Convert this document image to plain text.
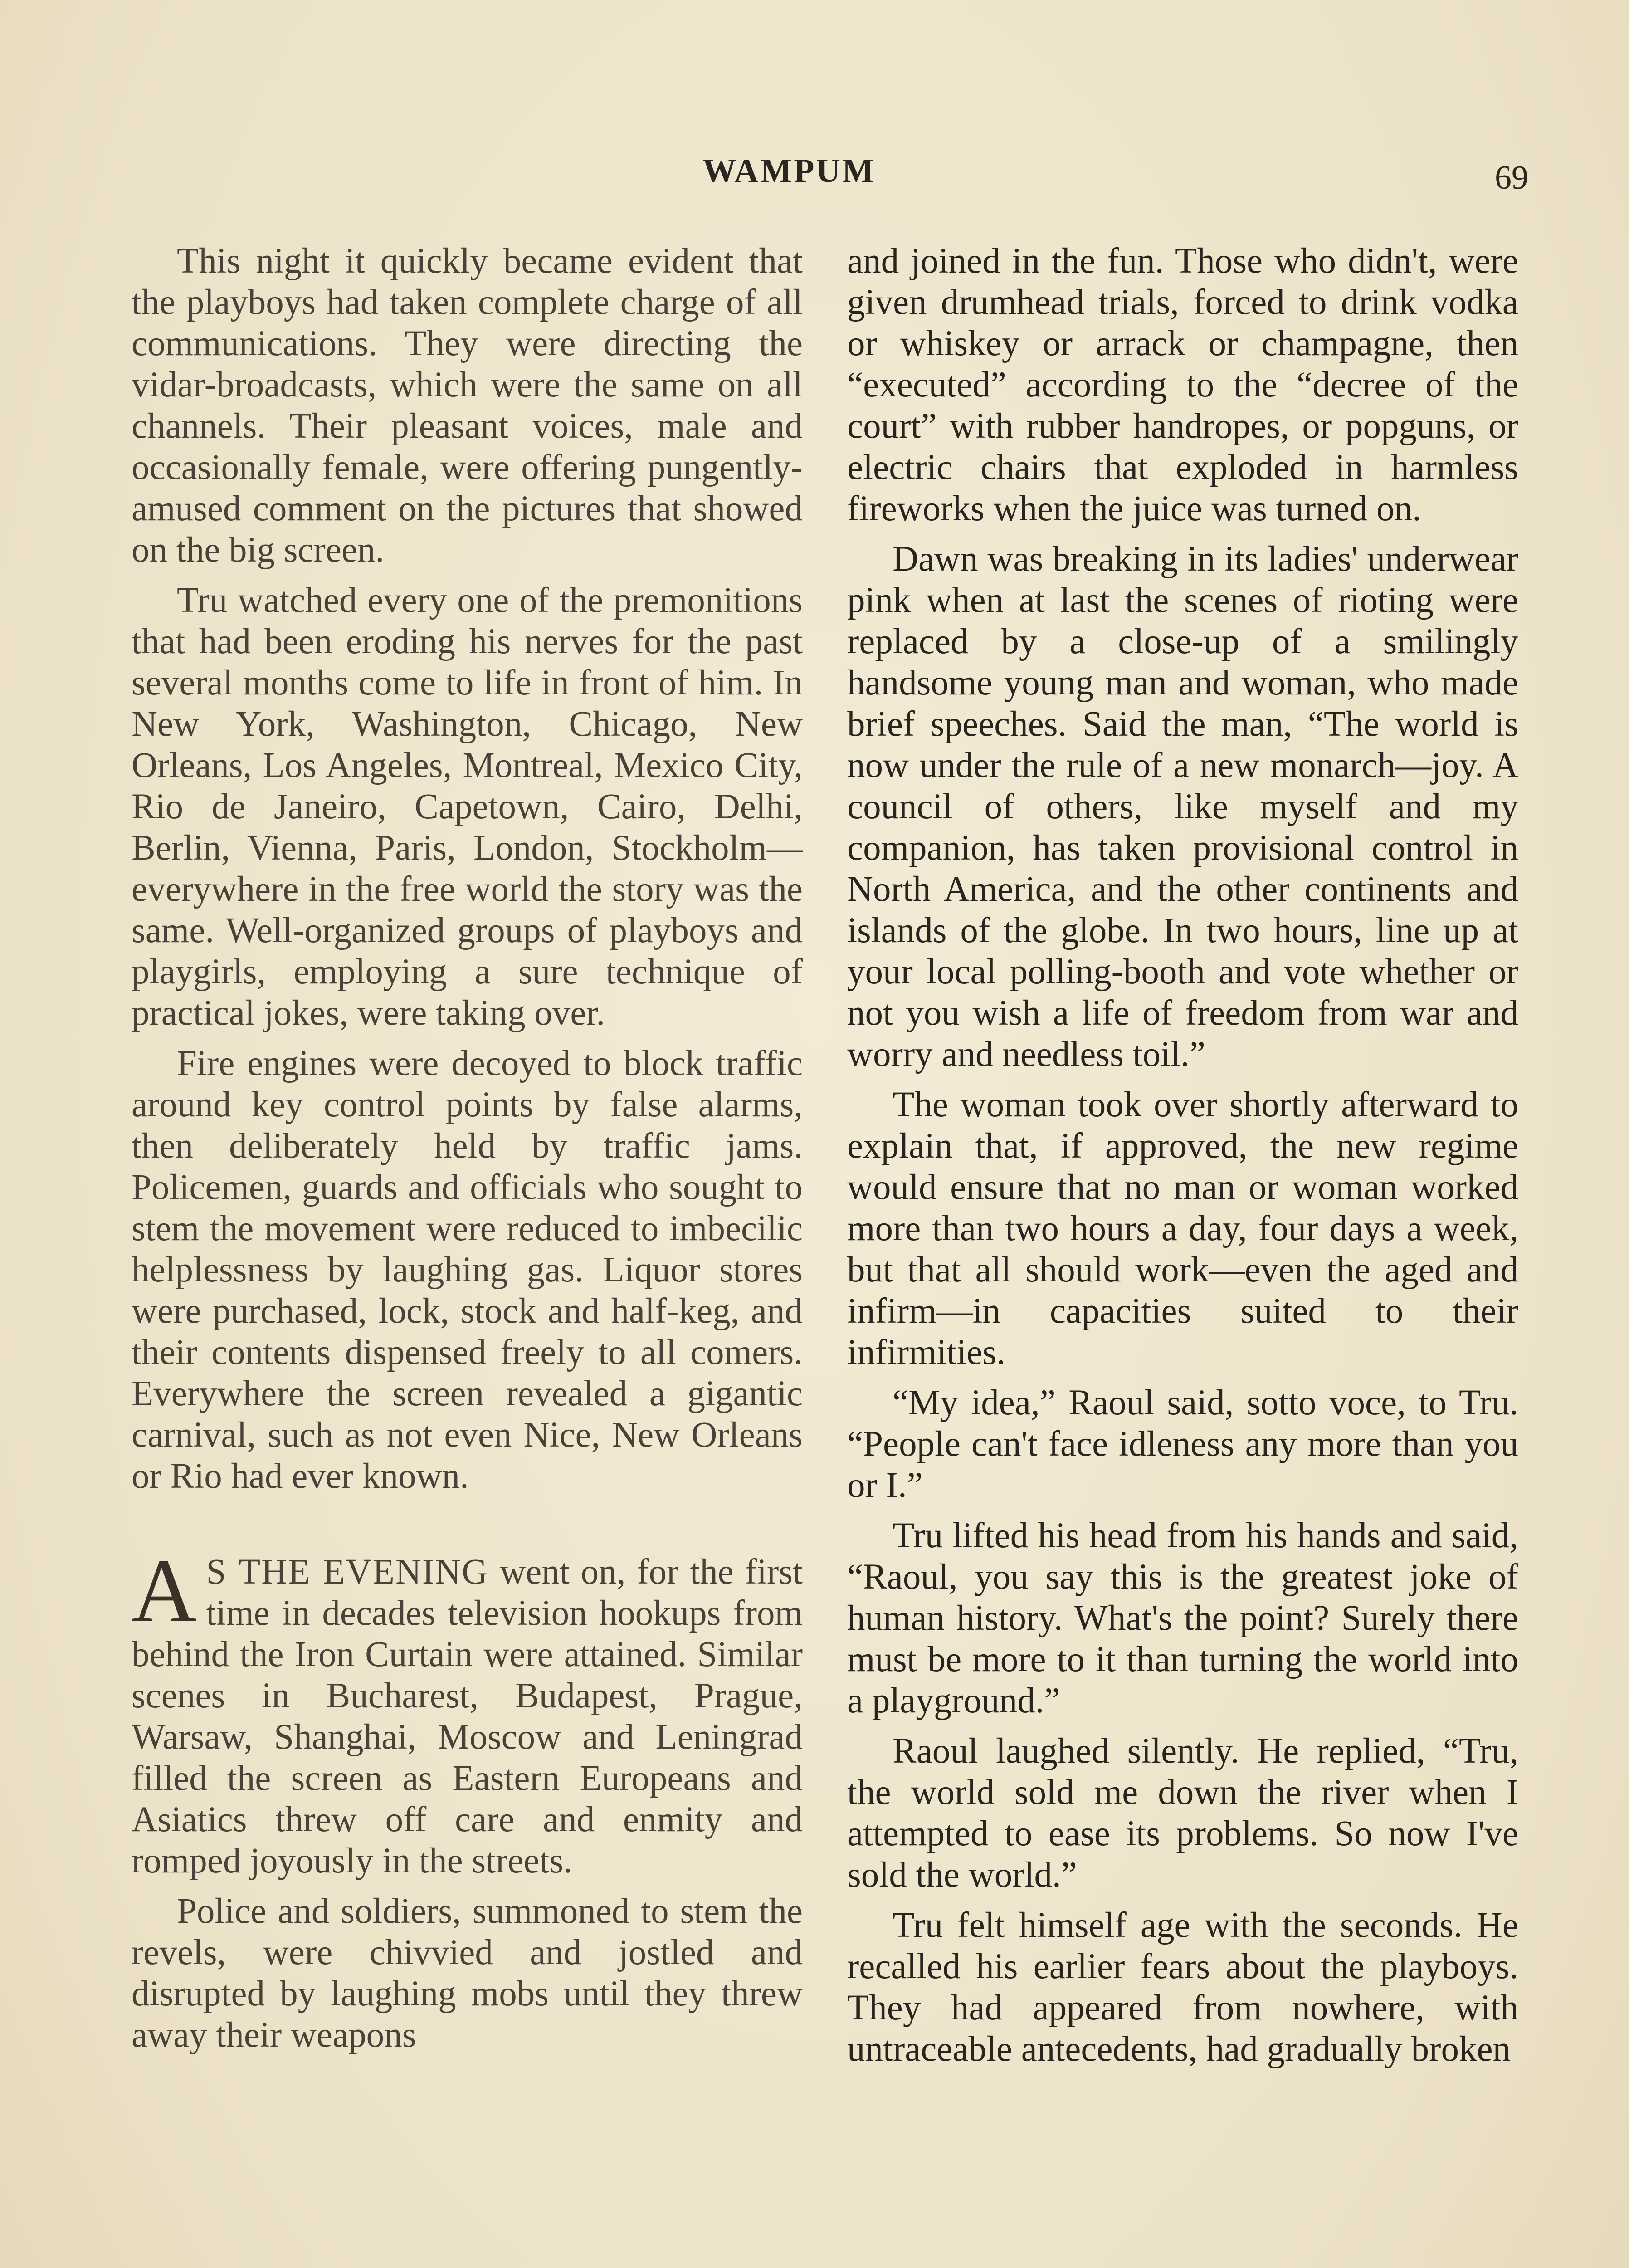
WAMPUM	69

This night it quickly became evident that the playboys had taken complete charge of all communications. They were directing the vidar-broadcasts, which were the same on all channels. Their pleasant voices, male and occasionally female, were offering pungently-amused comment on the pictures that showed on the big screen.

Tru watched every one of the premonitions that had been eroding his nerves for the past several months come to life in front of him. In New York, Washington, Chicago, New Orleans, Los Angeles, Montreal, Mexico City, Rio de Janeiro, Capetown, Cairo, Delhi, Berlin, Vienna, Paris, London, Stockholm—everywhere in the free world the story was the same. Well-organized groups of playboys and playgirls, employing a sure technique of practical jokes, were taking over.

Fire engines were decoyed to block traffic around key control points by false alarms, then deliberately held by traffic jams. Policemen, guards and officials who sought to stem the movement were reduced to imbecilic helplessness by laughing gas. Liquor stores were purchased, lock, stock and half-keg, and their contents dispensed freely to all comers. Everywhere the screen revealed a gigantic carnival, such as not even Nice, New Orleans or Rio had ever known.

A S THE EVENING went on, for the first time in decades television hookups from behind the Iron Curtain were attained. Similar scenes in Bucharest, Budapest, Prague, Warsaw, Shanghai, Moscow and Leningrad filled the screen as Eastern Europeans and Asiatics threw off care and enmity and romped joyously in the streets.

Police and soldiers, summoned to stem the revels, were chivvied and jostled and disrupted by laughing mobs until they threw away their weapons

and joined in the fun. Those who didn't, were given drumhead trials, forced to drink vodka or whiskey or arrack or champagne, then “executed” according to the “decree of the court” with rubber handropes, or popguns, or electric chairs that exploded in harmless fireworks when the juice was turned on.

Dawn was breaking in its ladies' underwear pink when at last the scenes of rioting were replaced by a close-up of a smilingly handsome young man and woman, who made brief speeches. Said the man, “The world is now under the rule of a new monarch—joy. A council of others, like myself and my companion, has taken provisional control in North America, and the other continents and islands of the globe. In two hours, line up at your local polling-booth and vote whether or not you wish a life of freedom from war and worry and needless toil.”

The woman took over shortly afterward to explain that, if approved, the new regime would ensure that no man or woman worked more than two hours a day, four days a week, but that all should work—even the aged and infirm—in capacities suited to their infirmities.

“My idea,” Raoul said, sotto voce, to Tru. “People can't face idleness any more than you or I.”

Tru lifted his head from his hands and said, “Raoul, you say this is the greatest joke of human history. What's the point? Surely there must be more to it than turning the world into a playground.”

Raoul laughed silently. He replied, “Tru, the world sold me down the river when I attempted to ease its problems. So now I've sold the world.”

Tru felt himself age with the seconds. He recalled his earlier fears about the playboys. They had appeared from nowhere, with untraceable antecedents, had gradually broken
